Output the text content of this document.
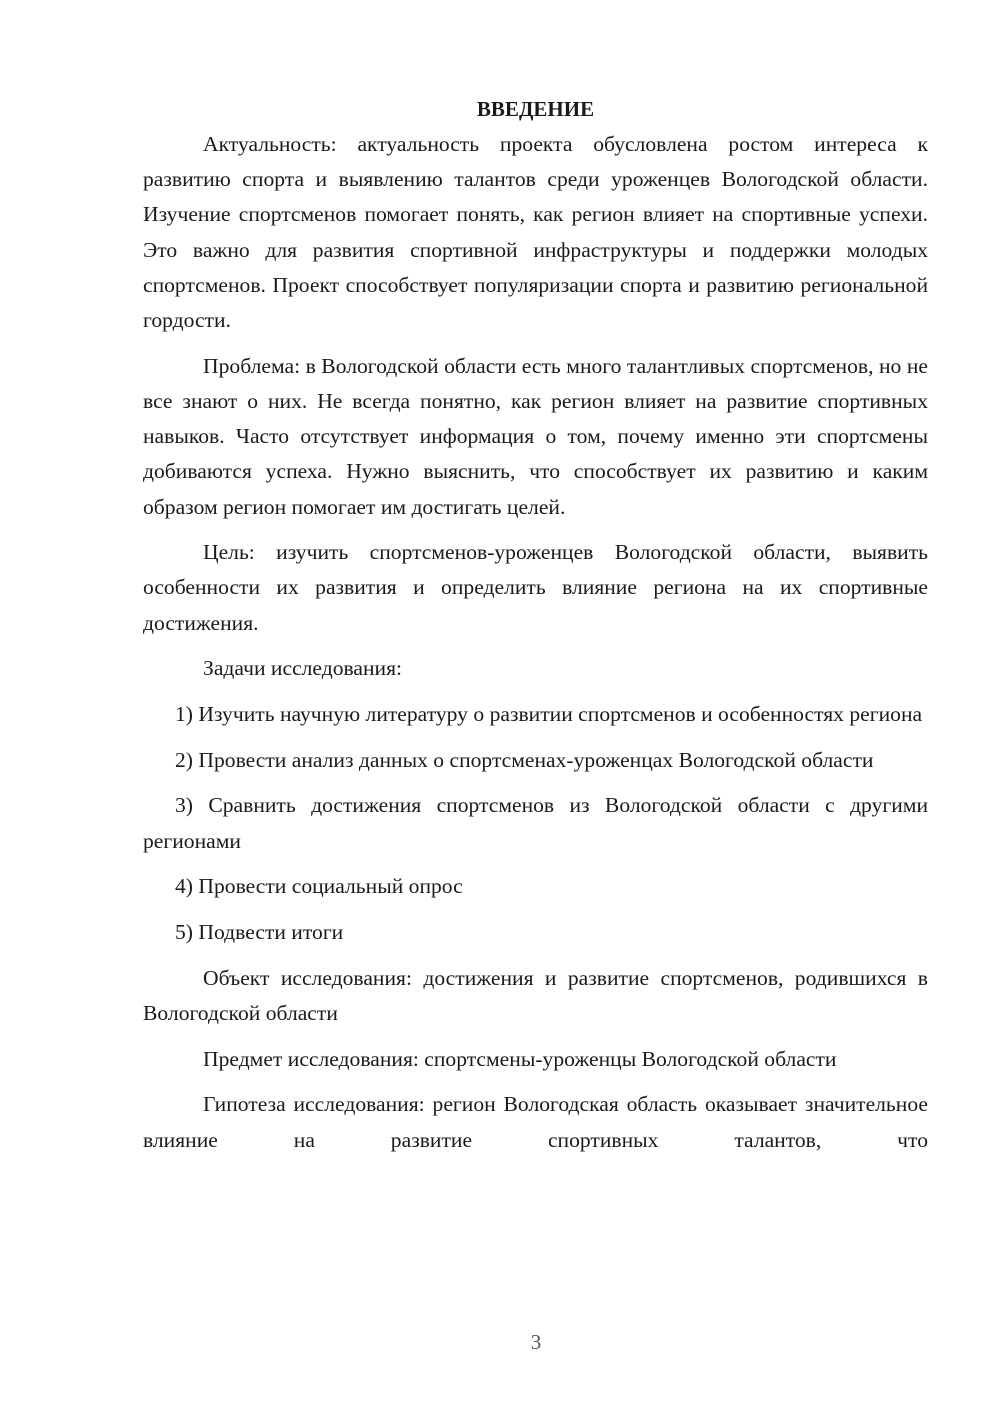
ВВЕДЕНИЕ

Актуальность: актуальность проекта обусловлена ростом интереса к развитию спорта и выявлению талантов среди уроженцев Вологодской области. Изучение спортсменов помогает понять, как регион влияет на спортивные успехи. Это важно для развития спортивной инфраструктуры и поддержки молодых спортсменов. Проект способствует популяризации спорта и развитию региональной гордости.

Проблема: в Вологодской области есть много талантливых спортсменов, но не все знают о них. Не всегда понятно, как регион влияет на развитие спортивных навыков. Часто отсутствует информация о том, почему именно эти спортсмены добиваются успеха. Нужно выяснить, что способствует их развитию и каким образом регион помогает им достигать целей.

Цель: изучить спортсменов-уроженцев Вологодской области, выявить особенности их развития и определить влияние региона на их спортивные достижения.

Задачи исследования:

1) Изучить научную литературу о развитии спортсменов и особенностях региона

2) Провести анализ данных о спортсменах-уроженцах Вологодской области

3) Сравнить достижения спортсменов из Вологодской области с другими регионами

4) Провести социальный опрос

5) Подвести итоги

Объект исследования: достижения и развитие спортсменов, родившихся в Вологодской области

Предмет исследования: спортсмены-уроженцы Вологодской области

Гипотеза исследования: регион Вологодская область оказывает значительное влияние на развитие спортивных талантов, что

3
